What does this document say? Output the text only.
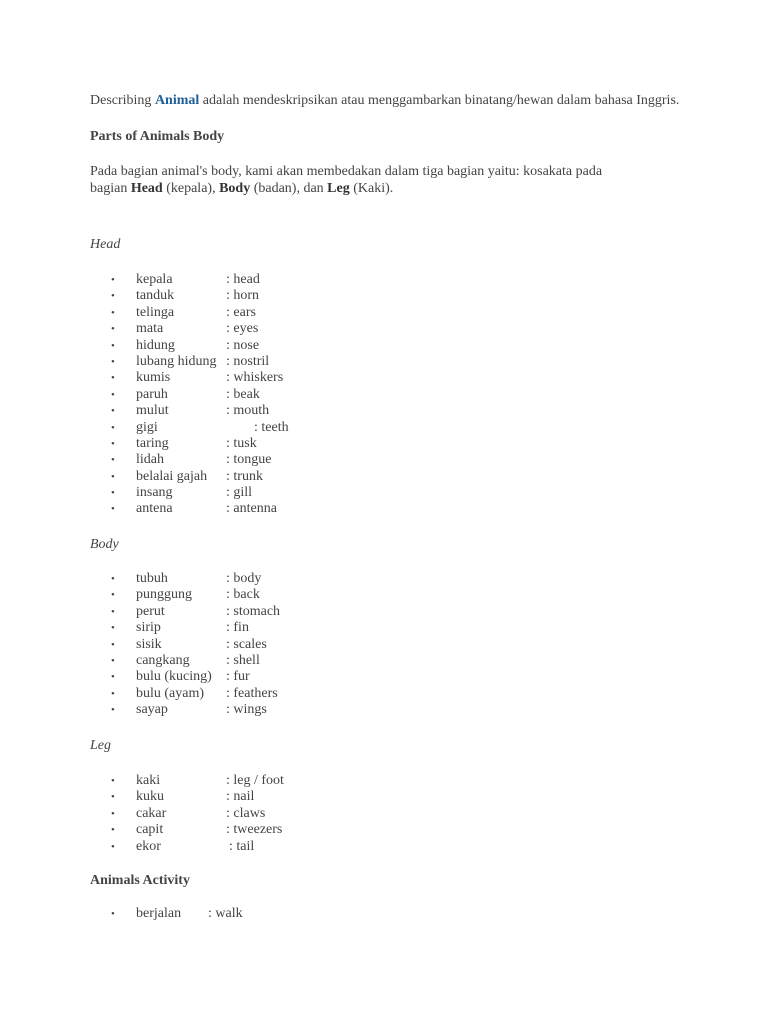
Describing Animal adalah mendeskripsikan atau menggambarkan binatang/hewan dalam bahasa Inggris.
Parts of Animals Body
Pada bagian animal's body, kami akan membedakan dalam tiga bagian yaitu: kosakata pada
bagian Head (kepala), Body (badan), dan Leg (Kaki).
Head
• kepala	: head
• tanduk	: horn
• telinga	: ears
• mata	: eyes
• hidung	: nose
• lubang hidung : nostril
• kumis	: whiskers
• paruh	: beak
• mulut	: mouth
• gigi	: teeth
• taring	: tusk
• lidah	: tongue
• belalai gajah : trunk
• insang	: gill
• antena	: antenna
Body
• tubuh	: body
• punggung : back
• perut	: stomach
• sirip	: fin
• sisik	: scales
• cangkang	: shell
• bulu (kucing) : fur
• bulu (ayam) : feathers
• sayap	: wings
Leg
• kaki	: leg / foot
• kuku	: nail
• cakar	: claws
• capit	: tweezers
• ekor	: tail
Animals Activity
• berjalan : walk
